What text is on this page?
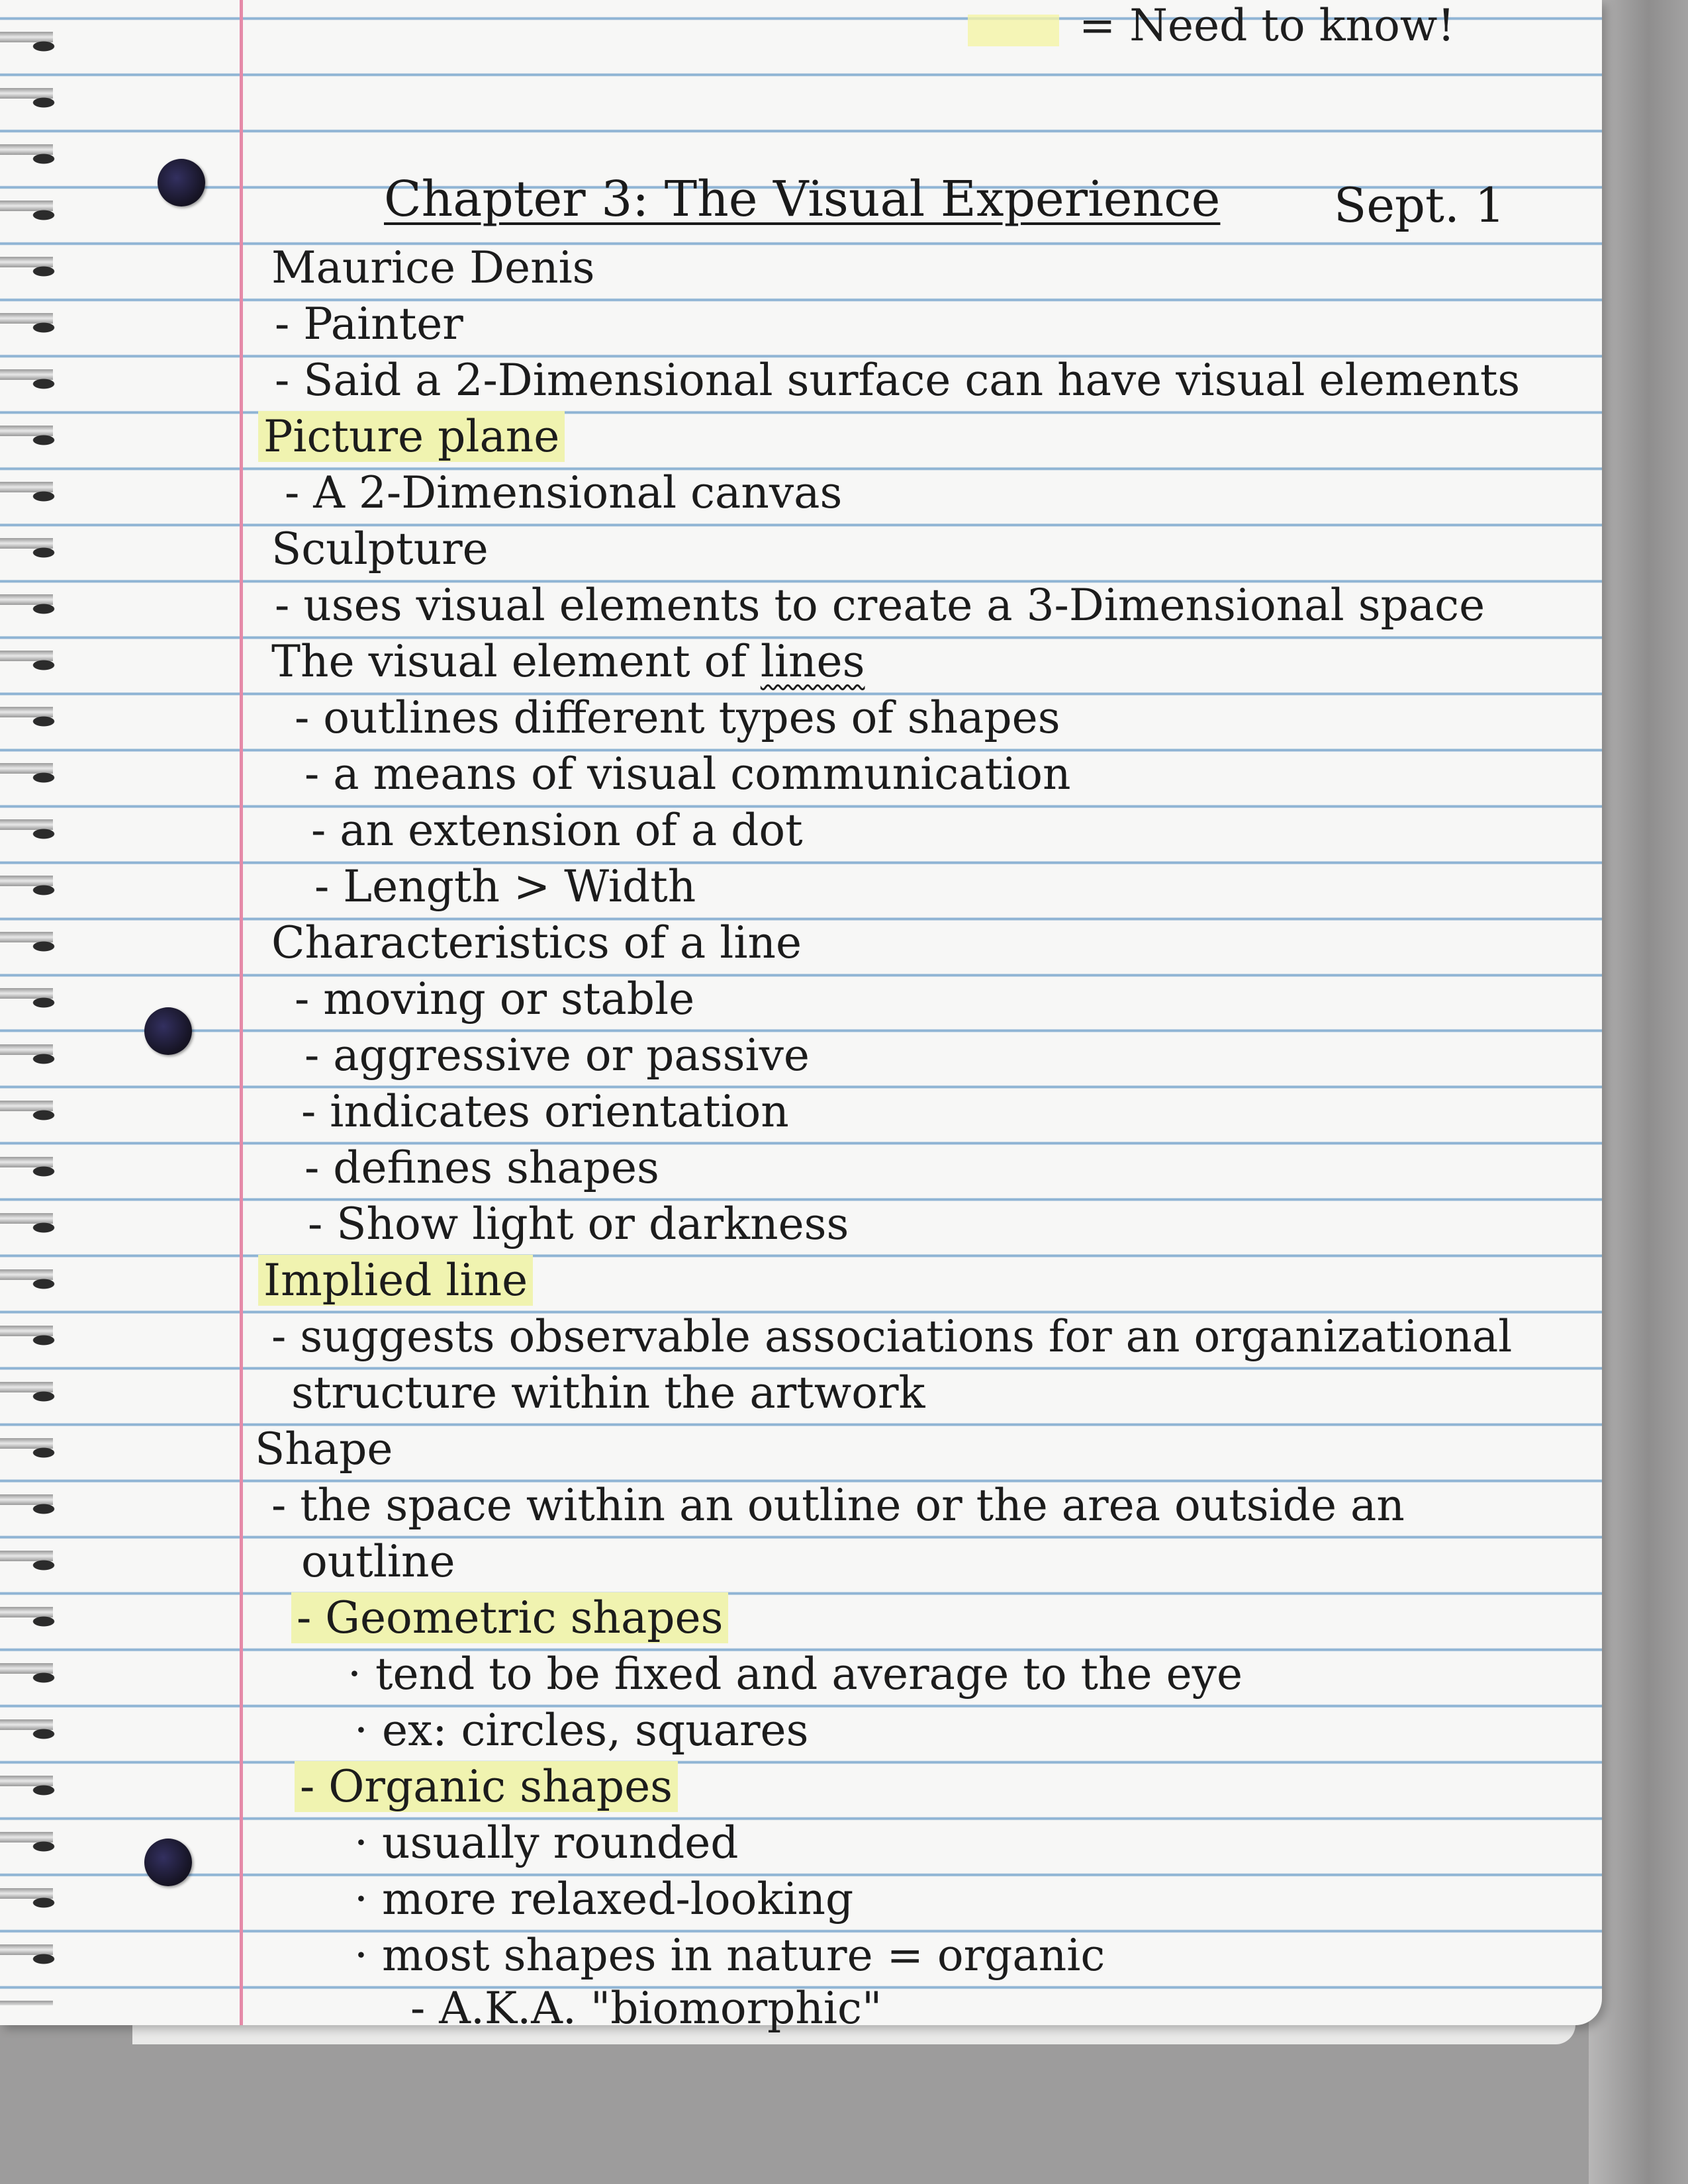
= Need to know!
Chapter 3: The Visual Experience Sept. 1
Maurice Denis
- Painter
- Said a 2-Dimensional surface can have visual elements
Picture plane
- A 2-Dimensional canvas
Sculpture
- uses visual elements to create a 3-Dimensional space
The visual element of lines
- outlines different types of shapes
- a means of visual communication
- an extension of a dot
- Length > Width
Characteristics of a line
- moving or stable
- aggressive or passive
- indicates orientation
- defines shapes
- Show light or darkness
Implied line
- suggests observable associations for an organizational
structure within the artwork
Shape
- the space within an outline or the area outside an
outline
- Geometric shapes
· tend to be fixed and average to the eye
· ex: circles, squares
- Organic shapes
· usually rounded
· more relaxed-looking
· most shapes in nature = organic
- A.K.A. "biomorphic"
